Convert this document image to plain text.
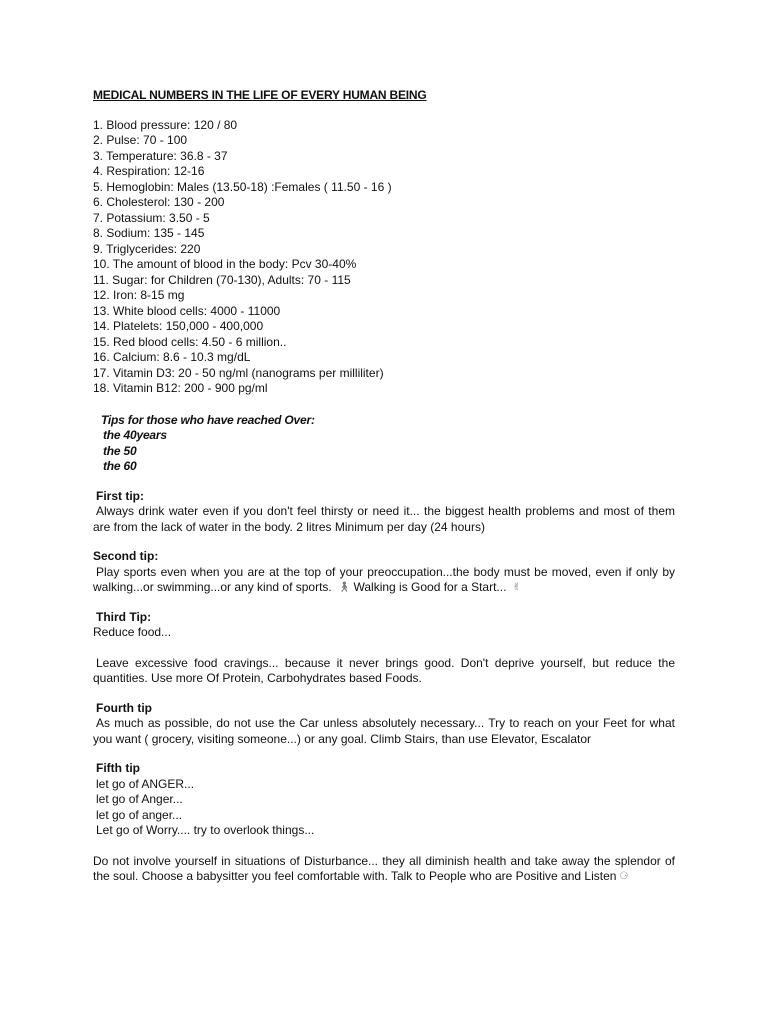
MEDICAL NUMBERS IN THE LIFE OF EVERY HUMAN BEING
1. Blood pressure: 120 / 80
2. Pulse: 70 - 100
3. Temperature: 36.8 - 37
4. Respiration: 12-16
5. Hemoglobin: Males (13.50-18) :Females ( 11.50 - 16 )
6. Cholesterol: 130 - 200
7. Potassium: 3.50 - 5
8. Sodium: 135 - 145
9. Triglycerides: 220
10. The amount of blood in the body: Pcv 30-40%
11. Sugar: for Children (70-130), Adults: 70 - 115
12. Iron: 8-15 mg
13. White blood cells: 4000 - 11000
14. Platelets: 150,000 - 400,000
15. Red blood cells: 4.50 - 6 million..
16. Calcium: 8.6 - 10.3 mg/dL
17. Vitamin D3: 20 - 50 ng/ml (nanograms per milliliter)
18. Vitamin B12: 200 - 900 pg/ml
Tips for those who have reached Over:
the 40years
the 50
the 60
First tip:
Always drink water even if you don't feel thirsty or need it... the biggest health problems and most of them are from the lack of water in the body. 2 litres Minimum per day (24 hours)
Second tip:
Play sports even when you are at the top of your preoccupation...the body must be moved, even if only by walking...or swimming...or any kind of sports. 🚶︎ Walking is Good for a Start... ✌︎
Third Tip:
Reduce food...
Leave excessive food cravings... because it never brings good. Don't deprive yourself, but reduce the quantities. Use more Of Protein, Carbohydrates based Foods.
Fourth tip
As much as possible, do not use the Car unless absolutely necessary... Try to reach on your Feet for what you want ( grocery, visiting someone...) or any goal. Climb Stairs, than use Elevator, Escalator
Fifth tip
let go of ANGER...
let go of Anger...
let go of anger...
Let go of Worry.... try to overlook things...
Do not involve yourself in situations of Disturbance... they all diminish health and take away the splendor of the soul. Choose a babysitter you feel comfortable with. Talk to People who are Positive and Listen ⚆
